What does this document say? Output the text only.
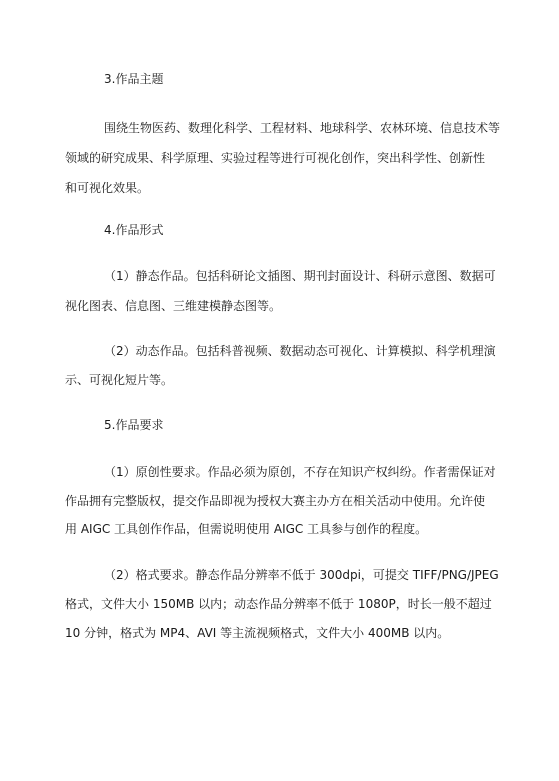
3.作品主题
围绕生物医药、数理化科学、工程材料、地球科学、农林环境、信息技术等
领域的研究成果、科学原理、实验过程等进行可视化创作，突出科学性、创新性
和可视化效果。
4.作品形式
（1）静态作品。包括科研论文插图、期刊封面设计、科研示意图、数据可
视化图表、信息图、三维建模静态图等。
（2）动态作品。包括科普视频、数据动态可视化、计算模拟、科学机理演
示、可视化短片等。
5.作品要求
（1）原创性要求。作品必须为原创，不存在知识产权纠纷。作者需保证对
作品拥有完整版权，提交作品即视为授权大赛主办方在相关活动中使用。允许使
用 AIGC 工具创作作品，但需说明使用 AIGC 工具参与创作的程度。
（2）格式要求。静态作品分辨率不低于 300dpi，可提交 TIFF/PNG/JPEG
格式，文件大小 150MB 以内；动态作品分辨率不低于 1080P，时长一般不超过
10 分钟，格式为 MP4、AVI 等主流视频格式，文件大小 400MB 以内。
